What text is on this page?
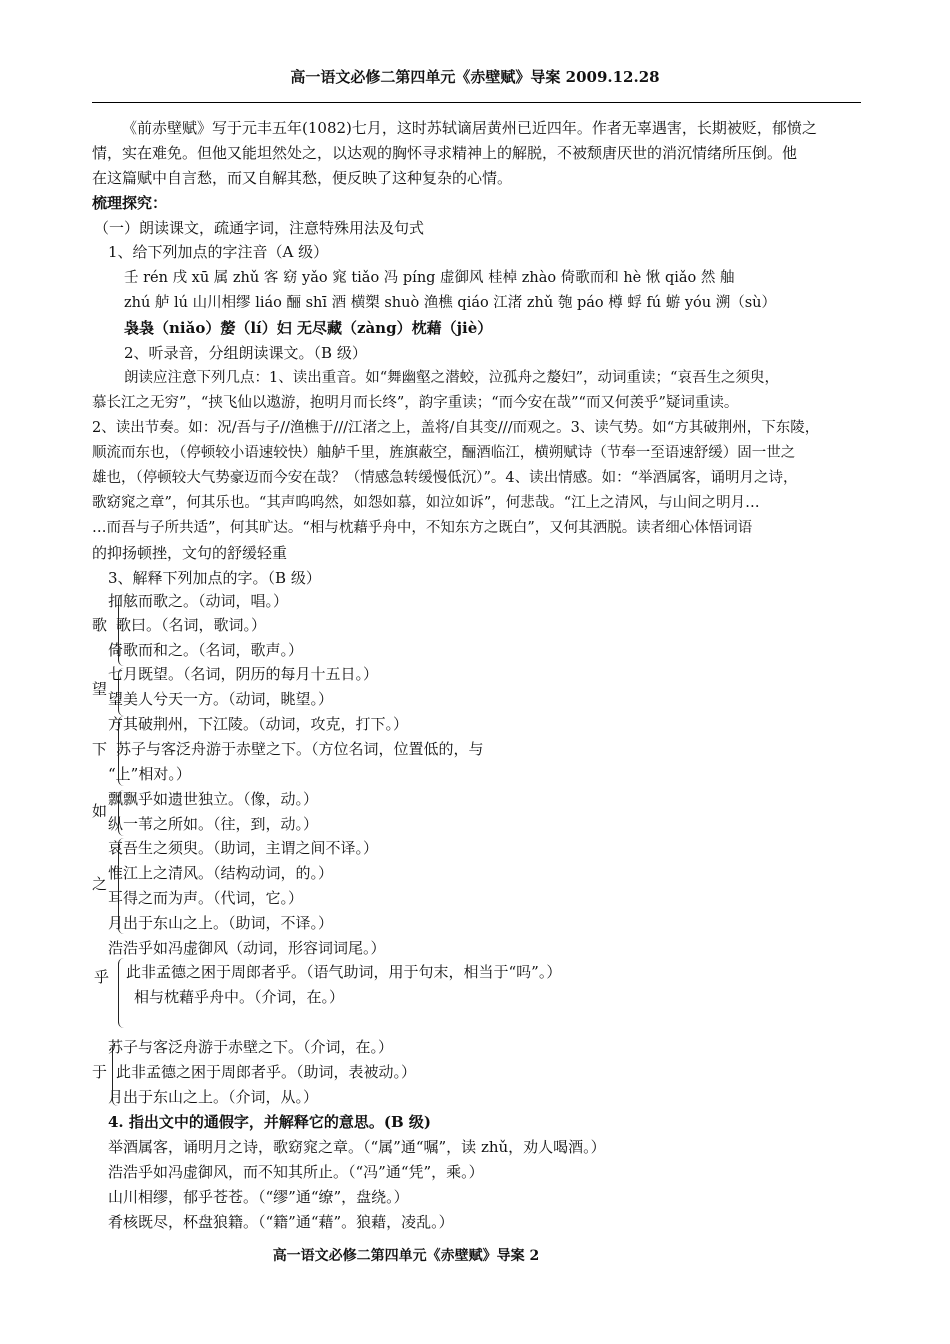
高一语文必修二第四单元《赤壁赋》导案 2009.12.28
《前赤壁赋》写于元丰五年(1082)七月，这时苏轼谪居黄州已近四年。作者无辜遇害，长期被贬，郁愤之
情，实在难免。但他又能坦然处之，以达观的胸怀寻求精神上的解脱，不被颓唐厌世的消沉情绪所压倒。他
在这篇赋中自言愁，而又自解其愁，便反映了这种复杂的心情。
梳理探究：
（一）朗读课文，疏通字词，注意特殊用法及句式
1、给下列加点的字注音（A 级）
壬 rén 戌 xū 属 zhǔ 客 窈 yǎo 窕 tiǎo 冯 píng 虚御风 桂棹 zhào 倚歌而和 hè 愀 qiǎo 然 舳
zhú 舻 lú 山川相缪 liáo 酾 shī 酒 横槊 shuò 渔樵 qiáo 江渚 zhǔ 匏 páo 樽 蜉 fú 蝣 yóu 溯（sù）
袅袅（niǎo）嫠（lí）妇 无尽藏（zàng）枕藉（jiè）
2、听录音，分组朗读课文。（B 级）
朗读应注意下列几点：1、读出重音。如“舞幽壑之潜蛟，泣孤舟之嫠妇”，动词重读；“哀吾生之须臾，
慕长江之无穷”，“挟飞仙以遨游，抱明月而长终”，韵字重读；“而今安在哉”“而又何羡乎”疑词重读。
2、读出节奏。如：况/吾与子//渔樵于///江渚之上，盖将/自其变///而观之。3、读气势。如“方其破荆州，下东陵，
顺流而东也，（停顿较小语速较快）舳舻千里，旌旗蔽空，酾酒临江，横朔赋诗（节奉一至语速舒缓）固一世之
雄也，（停顿较大气势豪迈而今安在哉？（情感急转缓慢低沉）”。4、读出情感。如：“举酒属客，诵明月之诗，
歌窈窕之章”，何其乐也。“其声呜呜然，如怨如慕，如泣如诉”，何悲哉。“江上之清风，与山间之明月…
…而吾与子所共适”，何其旷达。“相与枕藉乎舟中，不知东方之既白”，又何其洒脱。读者细心体悟词语
的抑扬顿挫，文句的舒缓轻重
3、解释下列加点的字。（B 级）
歌
扣舷而歌之。（动词，唱。）
歌曰。（名词，歌词。）
倚歌而和之。（名词，歌声。）
望
七月既望。（名词，阴历的每月十五日。）
望美人兮天一方。（动词，眺望。）
下
方其破荆州，下江陵。（动词，攻克，打下。）
苏子与客泛舟游于赤壁之下。（方位名词，位置低的，与
“上”相对。）
如
飘飘乎如遗世独立。（像，动。）
纵一苇之所如。（往，到，动。）
之
哀吾生之须臾。（助词，主谓之间不译。）
惟江上之清风。（结构动词，的。）
耳得之而为声。（代词，它。）
月出于东山之上。（助词，不译。）
乎
浩浩乎如冯虚御风（动词，形容词词尾。）
此非孟德之困于周郎者乎。（语气助词，用于句末，相当于“吗”。）
相与枕藉乎舟中。（介词，在。）
于
苏子与客泛舟游于赤壁之下。（介词，在。）
此非孟德之困于周郎者乎。（助词，表被动。）
月出于东山之上。（介词，从。）
4. 指出文中的通假字，并解释它的意思。(B 级)
举酒属客，诵明月之诗，歌窈窕之章。（“属”通“嘱”，读 zhǔ，劝人喝酒。）
浩浩乎如冯虚御风，而不知其所止。（“冯”通“凭”，乘。）
山川相缪，郁乎苍苍。（“缪”通“缭”，盘绕。）
肴核既尽，杯盘狼籍。（“籍”通“藉”。狼藉，凌乱。）
高一语文必修二第四单元《赤壁赋》导案 2
